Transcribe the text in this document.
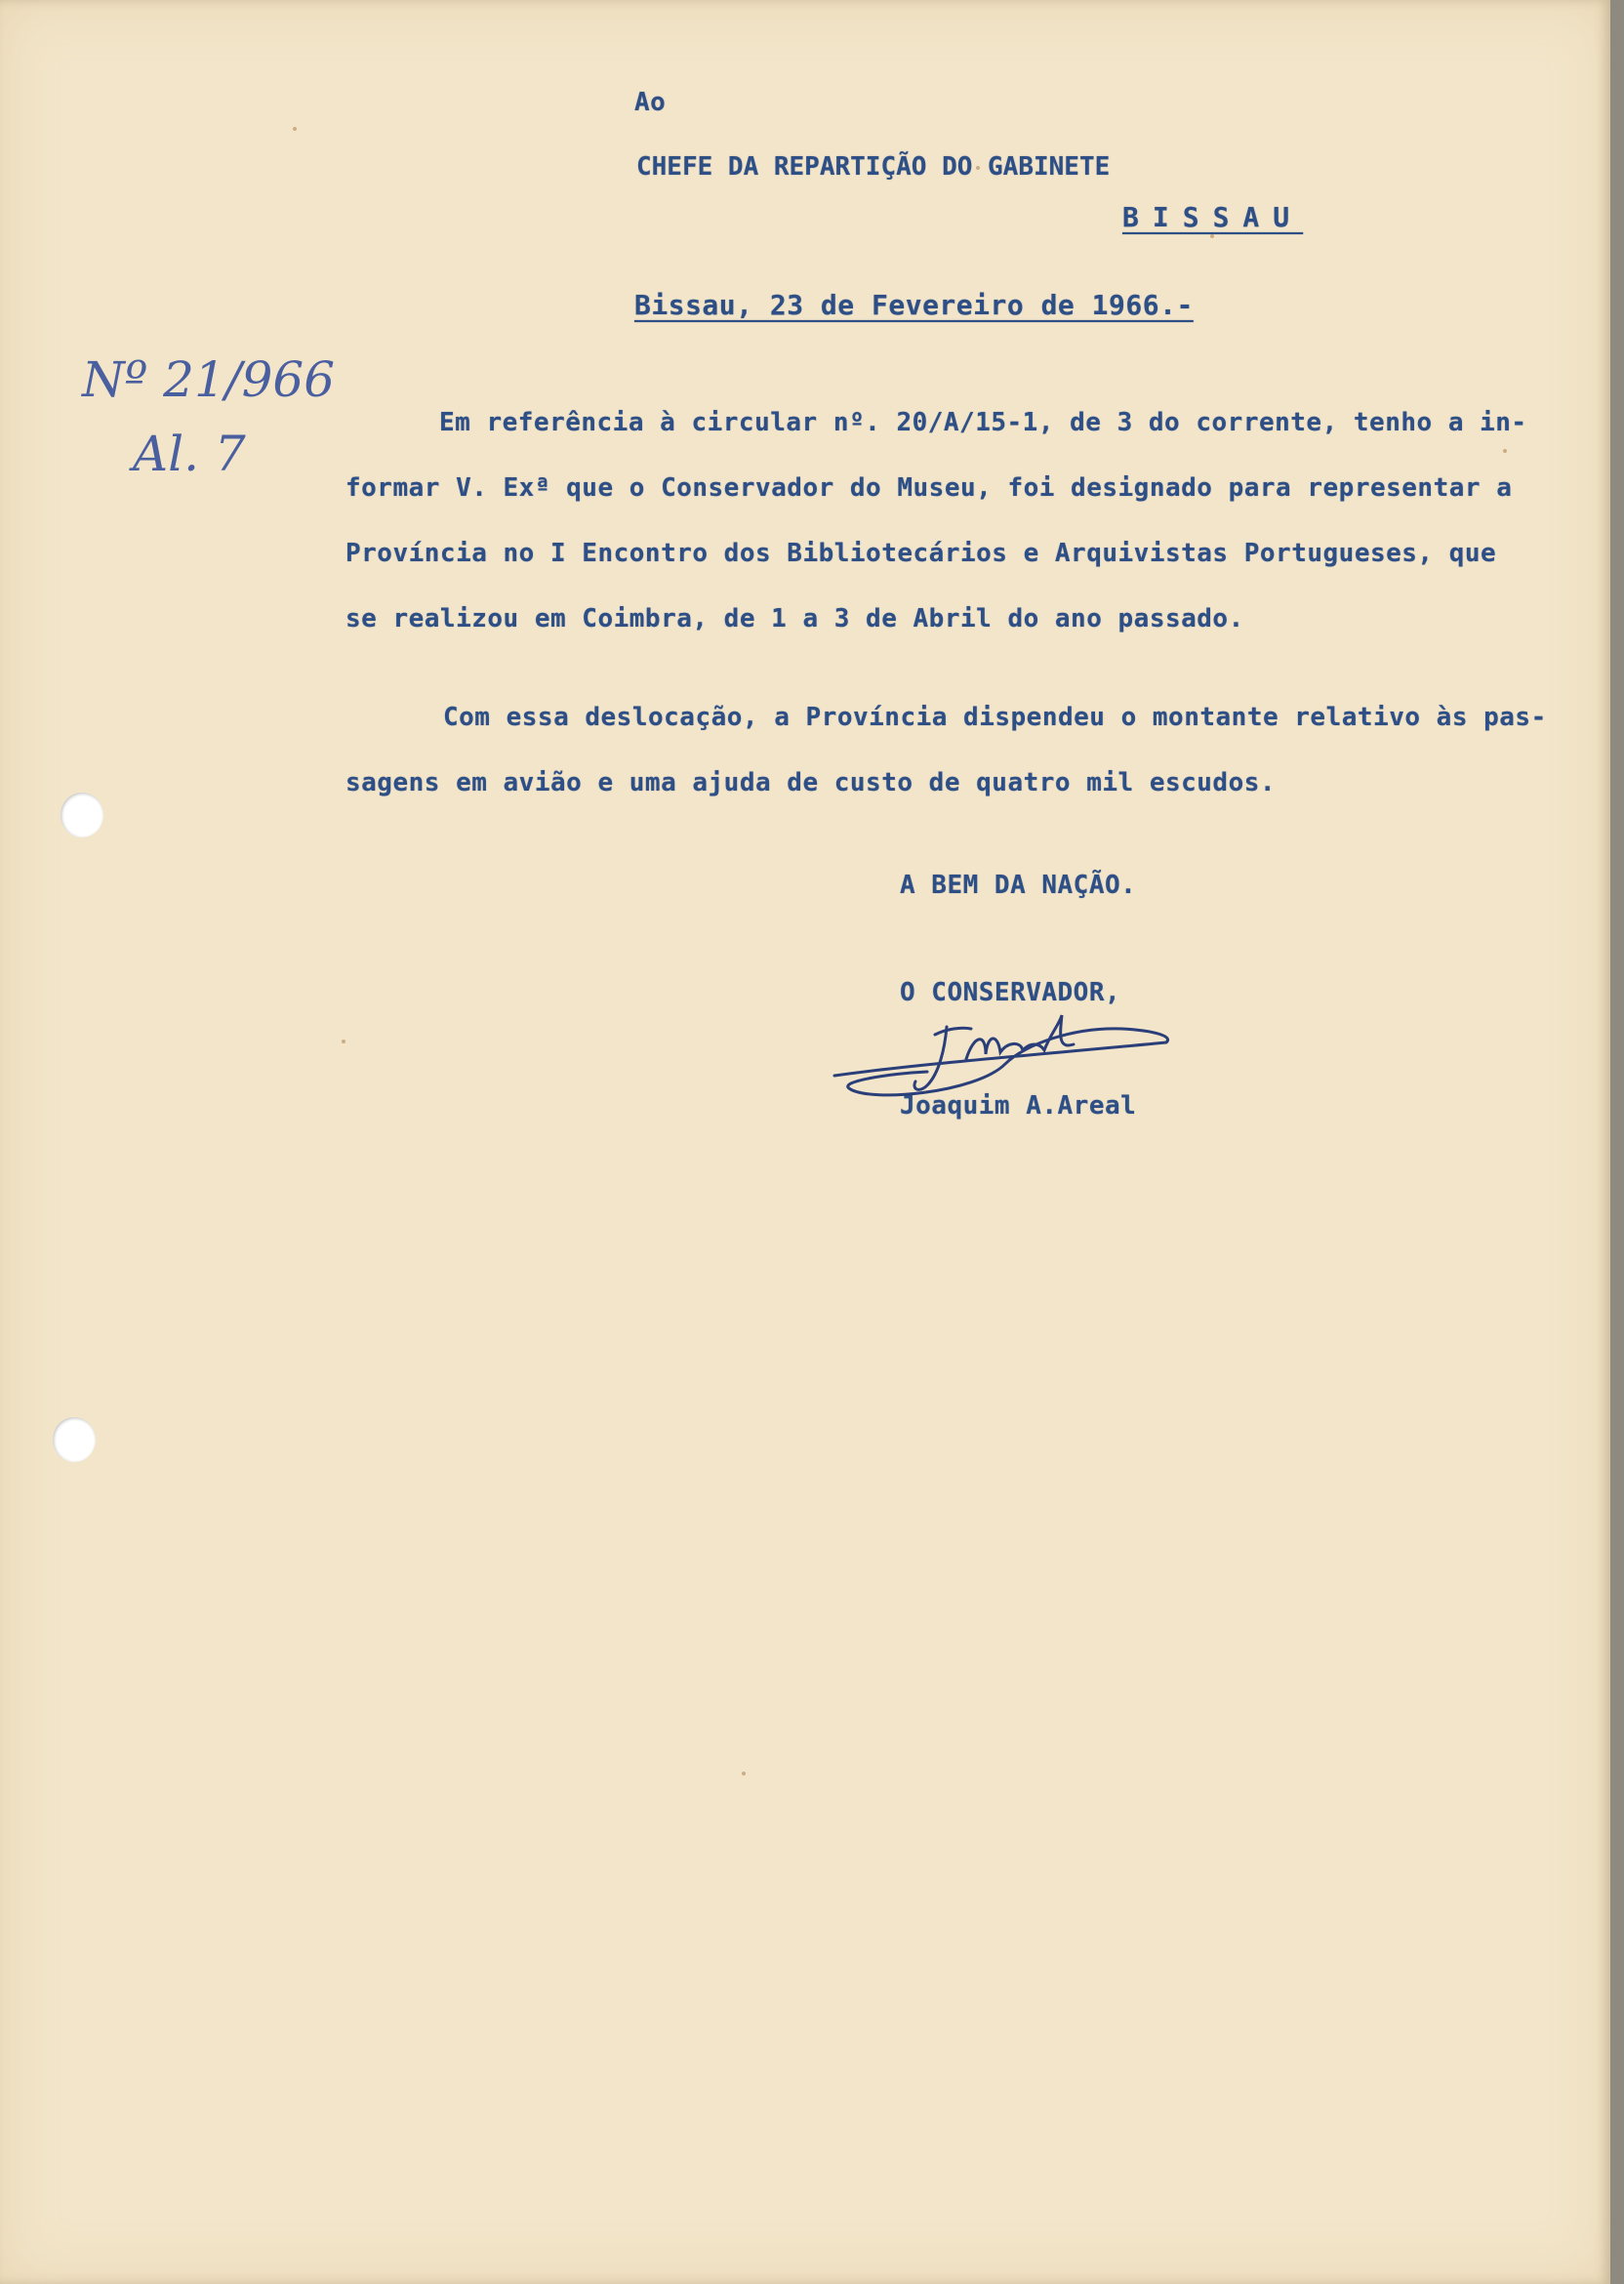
Ao
CHEFE DA REPARTIÇÃO DO GABINETE
BISSAU
Bissau, 23 de Fevereiro de 1966.-
Em referência à circular nº. 20/A/15-1, de 3 do corrente, tenho a in-
formar V. Exª que o Conservador do Museu, foi designado para representar a
Província no I Encontro dos Bibliotecários e Arquivistas Portugueses, que
se realizou em Coimbra, de 1 a 3 de Abril do ano passado.
Com essa deslocação, a Província dispendeu o montante relativo às pas-
sagens em avião e uma ajuda de custo de quatro mil escudos.
A BEM DA NAÇÃO.
O CONSERVADOR,
Joaquim A.Areal
Nº 21/966
Al. 7
